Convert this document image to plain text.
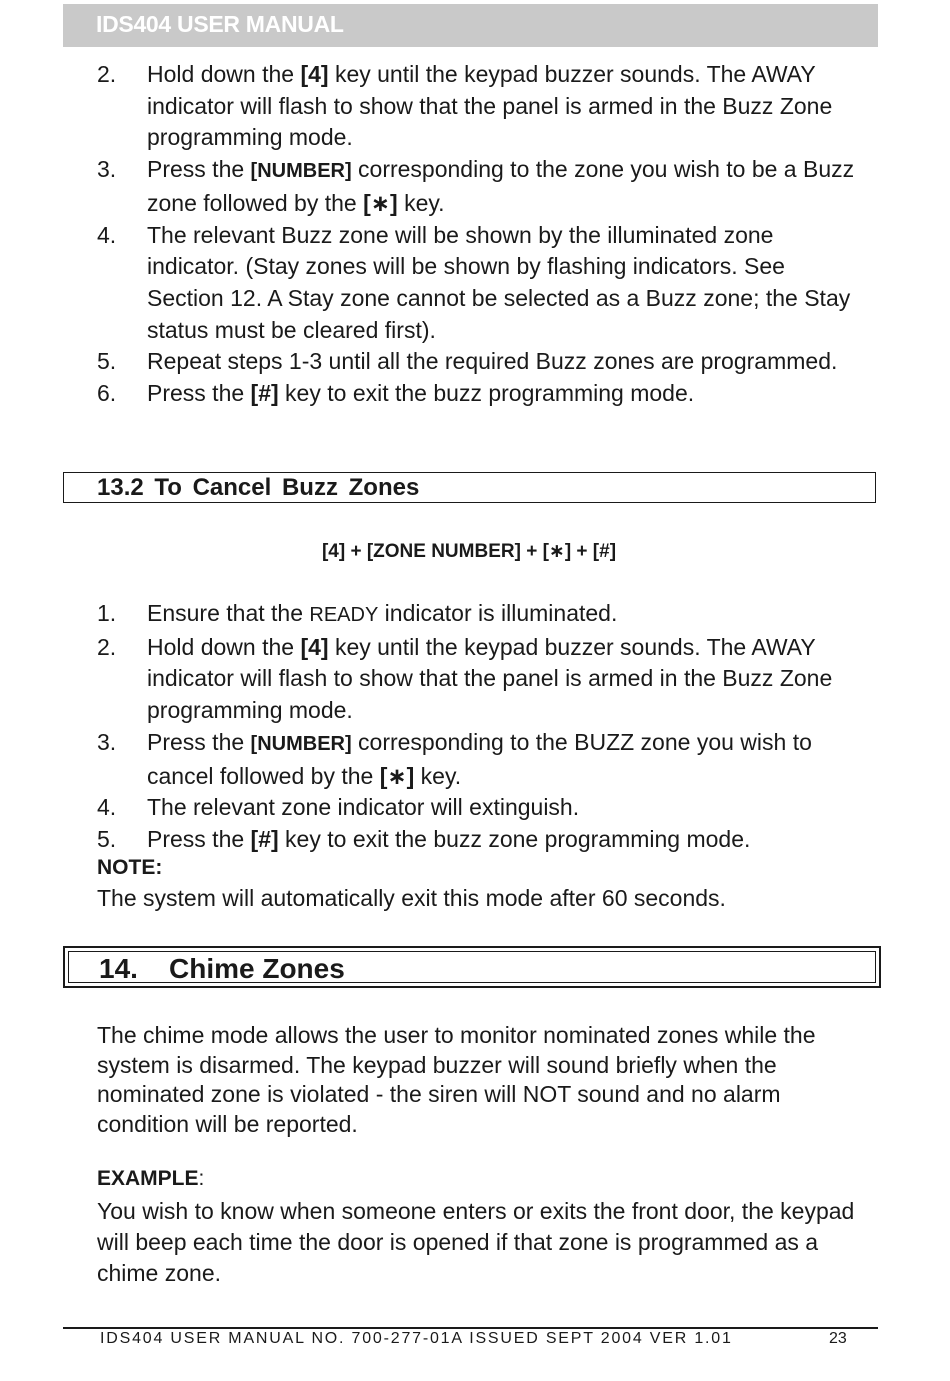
IDS404 USER MANUAL
2. Hold down the [4] key until the keypad buzzer sounds. The AWAY indicator will flash to show that the panel is armed in the Buzz Zone programming mode.
3. Press the [NUMBER] corresponding to the zone you wish to be a Buzz zone followed by the [∗] key.
4. The relevant Buzz zone will be shown by the illuminated zone indicator. (Stay zones will be shown by flashing indicators. See Section 12. A Stay zone cannot be selected as a Buzz zone; the Stay status must be cleared first).
5. Repeat steps 1-3 until all the required Buzz zones are programmed.
6. Press the [#] key to exit the buzz programming mode.
13.2 To Cancel Buzz Zones
[4] + [ZONE NUMBER] + [∗] + [#]
1. Ensure that the READY indicator is illuminated.
2. Hold down the [4] key until the keypad buzzer sounds. The AWAY indicator will flash to show that the panel is armed in the Buzz Zone programming mode.
3. Press the [NUMBER] corresponding to the BUZZ zone you wish to cancel followed by the [∗] key.
4. The relevant zone indicator will extinguish.
5. Press the [#] key to exit the buzz zone programming mode.
NOTE:
The system will automatically exit this mode after 60 seconds.
14. Chime Zones

The chime mode allows the user to monitor nominated zones while the system is disarmed. The keypad buzzer will sound briefly when the nominated zone is violated - the siren will NOT sound and no alarm condition will be reported.

EXAMPLE:

You wish to know when someone enters or exits the front door, the keypad will beep each time the door is opened if that zone is programmed as a chime zone.

IDS404 USER MANUAL NO. 700-277-01A ISSUED SEPT 2004 VER 1.01	23
